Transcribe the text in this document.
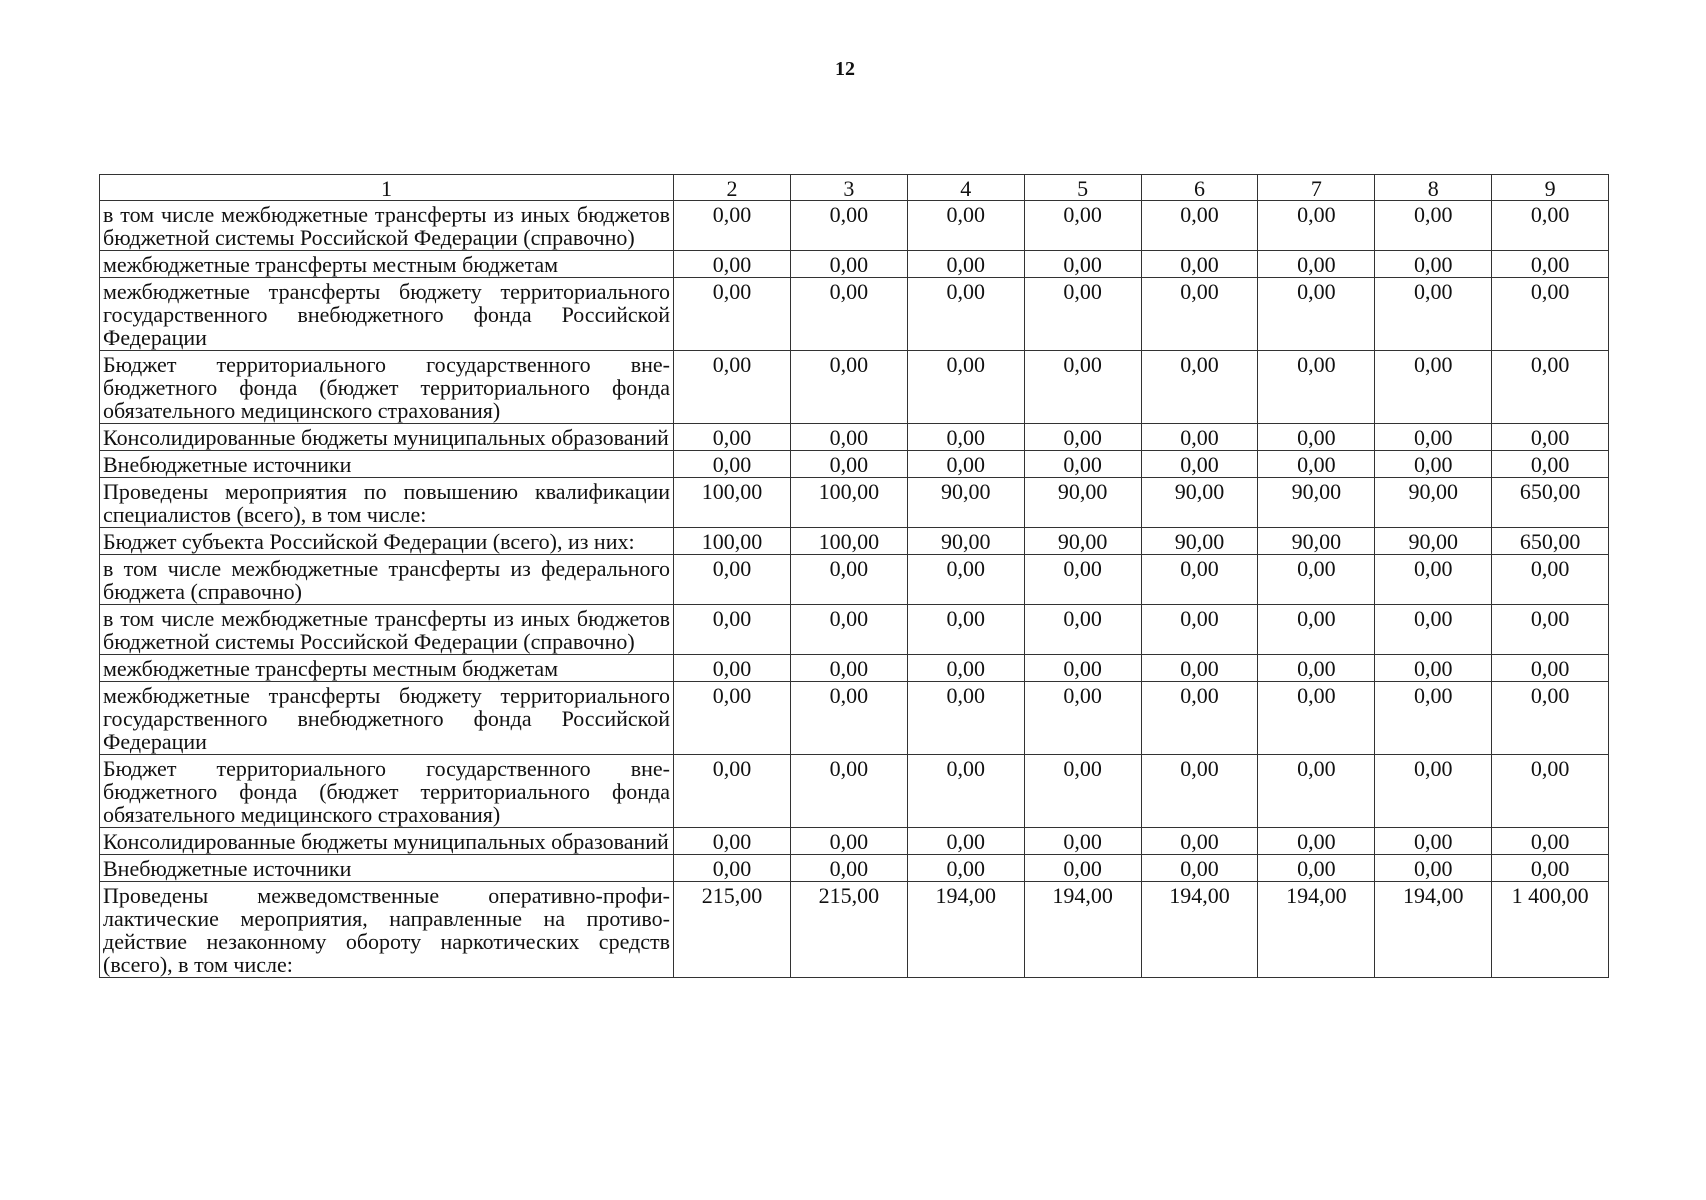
12
1	2	3	4	5	6	7	8	9
в том числе межбюджетные трансферты из иных бюджетов бюджетной системы Российской Федерации (справочно)	0,00	0,00	0,00	0,00	0,00	0,00	0,00	0,00
межбюджетные трансферты местным бюджетам	0,00	0,00	0,00	0,00	0,00	0,00	0,00	0,00
межбюджетные трансферты бюджету территориального государственного внебюджетного фонда Российской Федерации	0,00	0,00	0,00	0,00	0,00	0,00	0,00	0,00
Бюджет территориального государственного внебюджетного фонда (бюджет территориального фонда обязательного медицинского страхования)	0,00	0,00	0,00	0,00	0,00	0,00	0,00	0,00
Консолидированные бюджеты муниципальных образований	0,00	0,00	0,00	0,00	0,00	0,00	0,00	0,00
Внебюджетные источники	0,00	0,00	0,00	0,00	0,00	0,00	0,00	0,00
Проведены мероприятия по повышению квалификации специалистов (всего), в том числе:	100,00	100,00	90,00	90,00	90,00	90,00	90,00	650,00
Бюджет субъекта Российской Федерации (всего), из них:	100,00	100,00	90,00	90,00	90,00	90,00	90,00	650,00
в том числе межбюджетные трансферты из федерального бюджета (справочно)	0,00	0,00	0,00	0,00	0,00	0,00	0,00	0,00
в том числе межбюджетные трансферты из иных бюджетов бюджетной системы Российской Федерации (справочно)	0,00	0,00	0,00	0,00	0,00	0,00	0,00	0,00
межбюджетные трансферты местным бюджетам	0,00	0,00	0,00	0,00	0,00	0,00	0,00	0,00
межбюджетные трансферты бюджету территориального государственного внебюджетного фонда Российской Федерации	0,00	0,00	0,00	0,00	0,00	0,00	0,00	0,00
Бюджет территориального государственного внебюджетного фонда (бюджет территориального фонда обязательного медицинского страхования)	0,00	0,00	0,00	0,00	0,00	0,00	0,00	0,00
Консолидированные бюджеты муниципальных образований	0,00	0,00	0,00	0,00	0,00	0,00	0,00	0,00
Внебюджетные источники	0,00	0,00	0,00	0,00	0,00	0,00	0,00	0,00
Проведены межведомственные оперативно-профилактические мероприятия, направленные на противодействие незаконному обороту наркотических средств (всего), в том числе:	215,00	215,00	194,00	194,00	194,00	194,00	194,00	1 400,00
